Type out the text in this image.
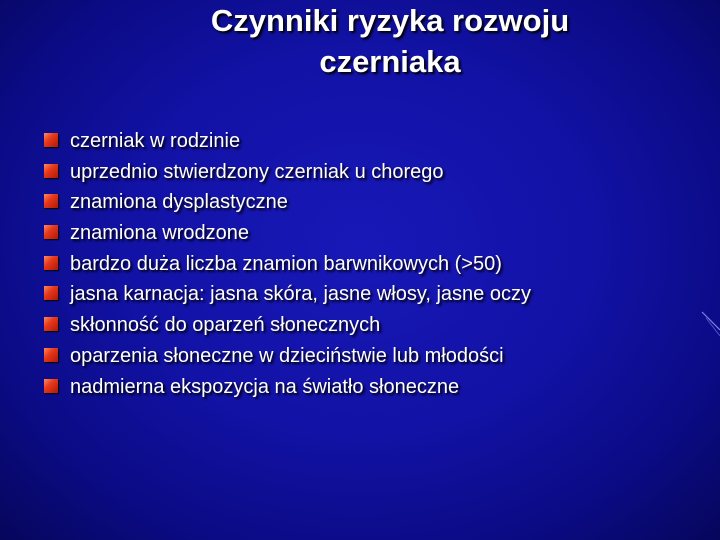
Czynniki ryzyka rozwoju
czerniaka
czerniak w rodzinie
uprzednio stwierdzony czerniak u chorego
znamiona dysplastyczne
znamiona wrodzone
bardzo duża liczba znamion barwnikowych (>50)
jasna karnacja: jasna skóra, jasne włosy, jasne oczy
skłonność do oparzeń słonecznych
oparzenia słoneczne w dzieciństwie lub młodości
nadmierna ekspozycja na światło słoneczne
